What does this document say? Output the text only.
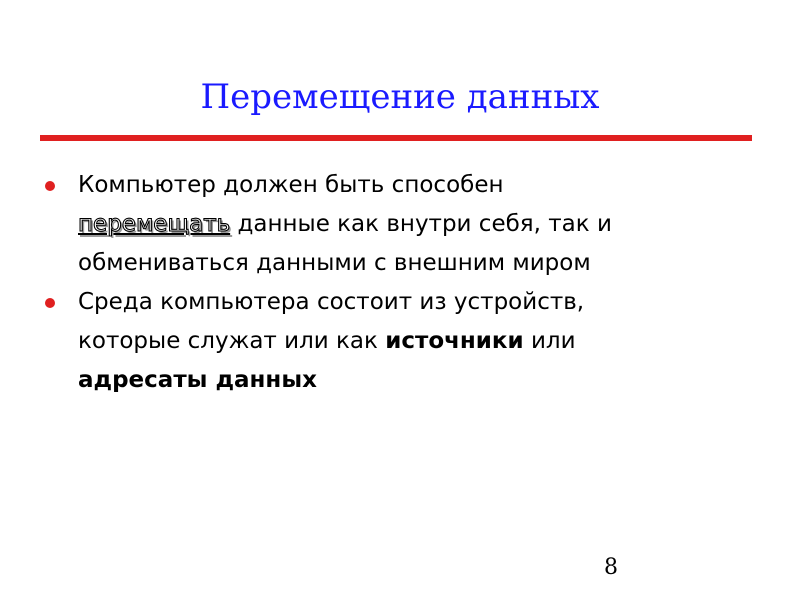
Перемещение данных
Компьютер должен быть способен
перемещать данные как внутри себя, так и
обмениваться данными с внешним миром
Среда компьютера состоит из устройств,
которые служат или как источники или
адресаты данных
8
